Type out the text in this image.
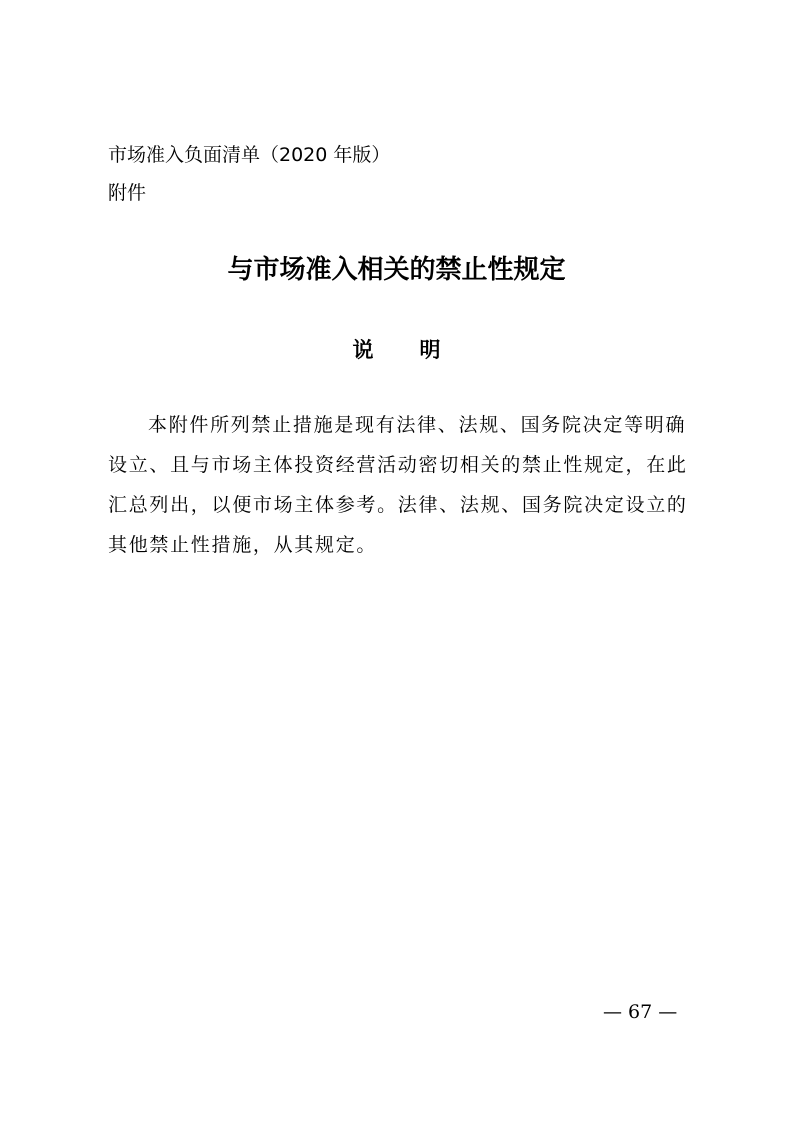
市场准入负面清单（2020 年版）
附件
与市场准入相关的禁止性规定
说 明
本附件所列禁止措施是现有法律、法规、国务院决定等明确
设立、且与市场主体投资经营活动密切相关的禁止性规定，在此
汇总列出，以便市场主体参考。法律、法规、国务院决定设立的
其他禁止性措施，从其规定。
— 67 —
